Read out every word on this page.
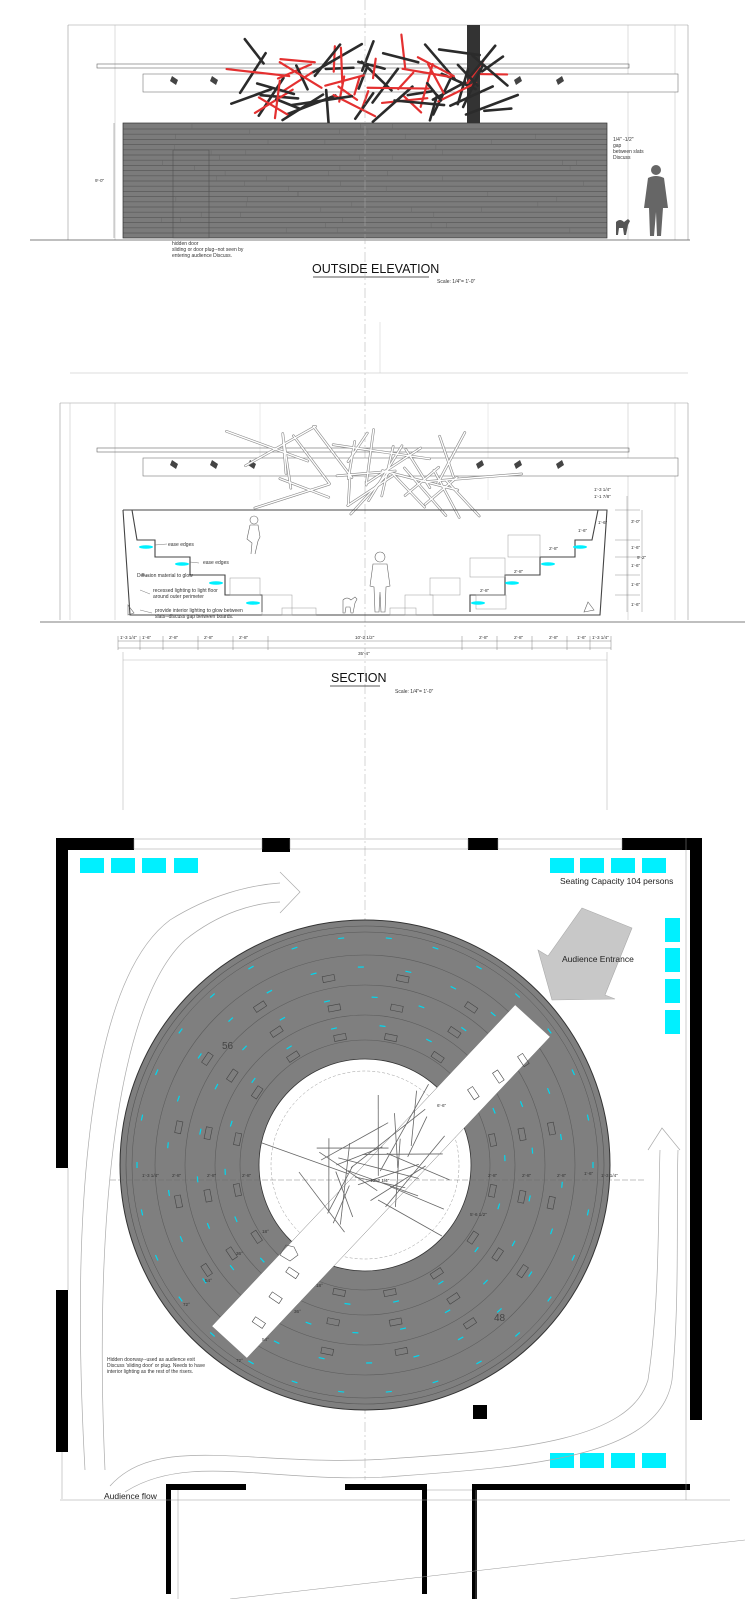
9'-0"
1/4" -1/2" gap between slats Discuss
hidden door sliding or door plug--not seen by entering audience Discuss.
OUTSIDE ELEVATION
Scale: 1/4"= 1'-0"
ease edges
ease edges
Diffusion material to glow
recessed lighting to light floor around outer perimeter
provide interior lighting to glow between slats--discuss gap between boards.
1'-3 1/4"
1'-1 7/8"
1'-6"	3'-0"
1'-6"
1'-6"
1'-6"
1'-6"
9'-2"
1'-6"
2'-8"
2'-8"
2'-8"
1'-3 1/4" 1'-6"	2'-8"	2'-8"	2'-8"	10'-2 1/2"	2'-8"	2'-8"	2'-8"	1'-6" 1'-3 1/4"
35'-4"
SECTION
Scale: 1/4"= 1'-0"
1'-3 1/4"	2'-8"	2'-8"	2'-8"
10'-2 1/4"
2'-8"	2'-8"	2'-8"	1'-6" 1'-3 1/4"
5'-6 1/2"
6'-6"
18°
36°
54°
72°
18°
36°
54°
72°
56
48
Seating Capacity 104 persons
Audience Entrance
Audience flow
Hidden doorway--used as audience exit Discuss 'sliding door' or plug. Needs to have interior lighting as the rest of the risers.
